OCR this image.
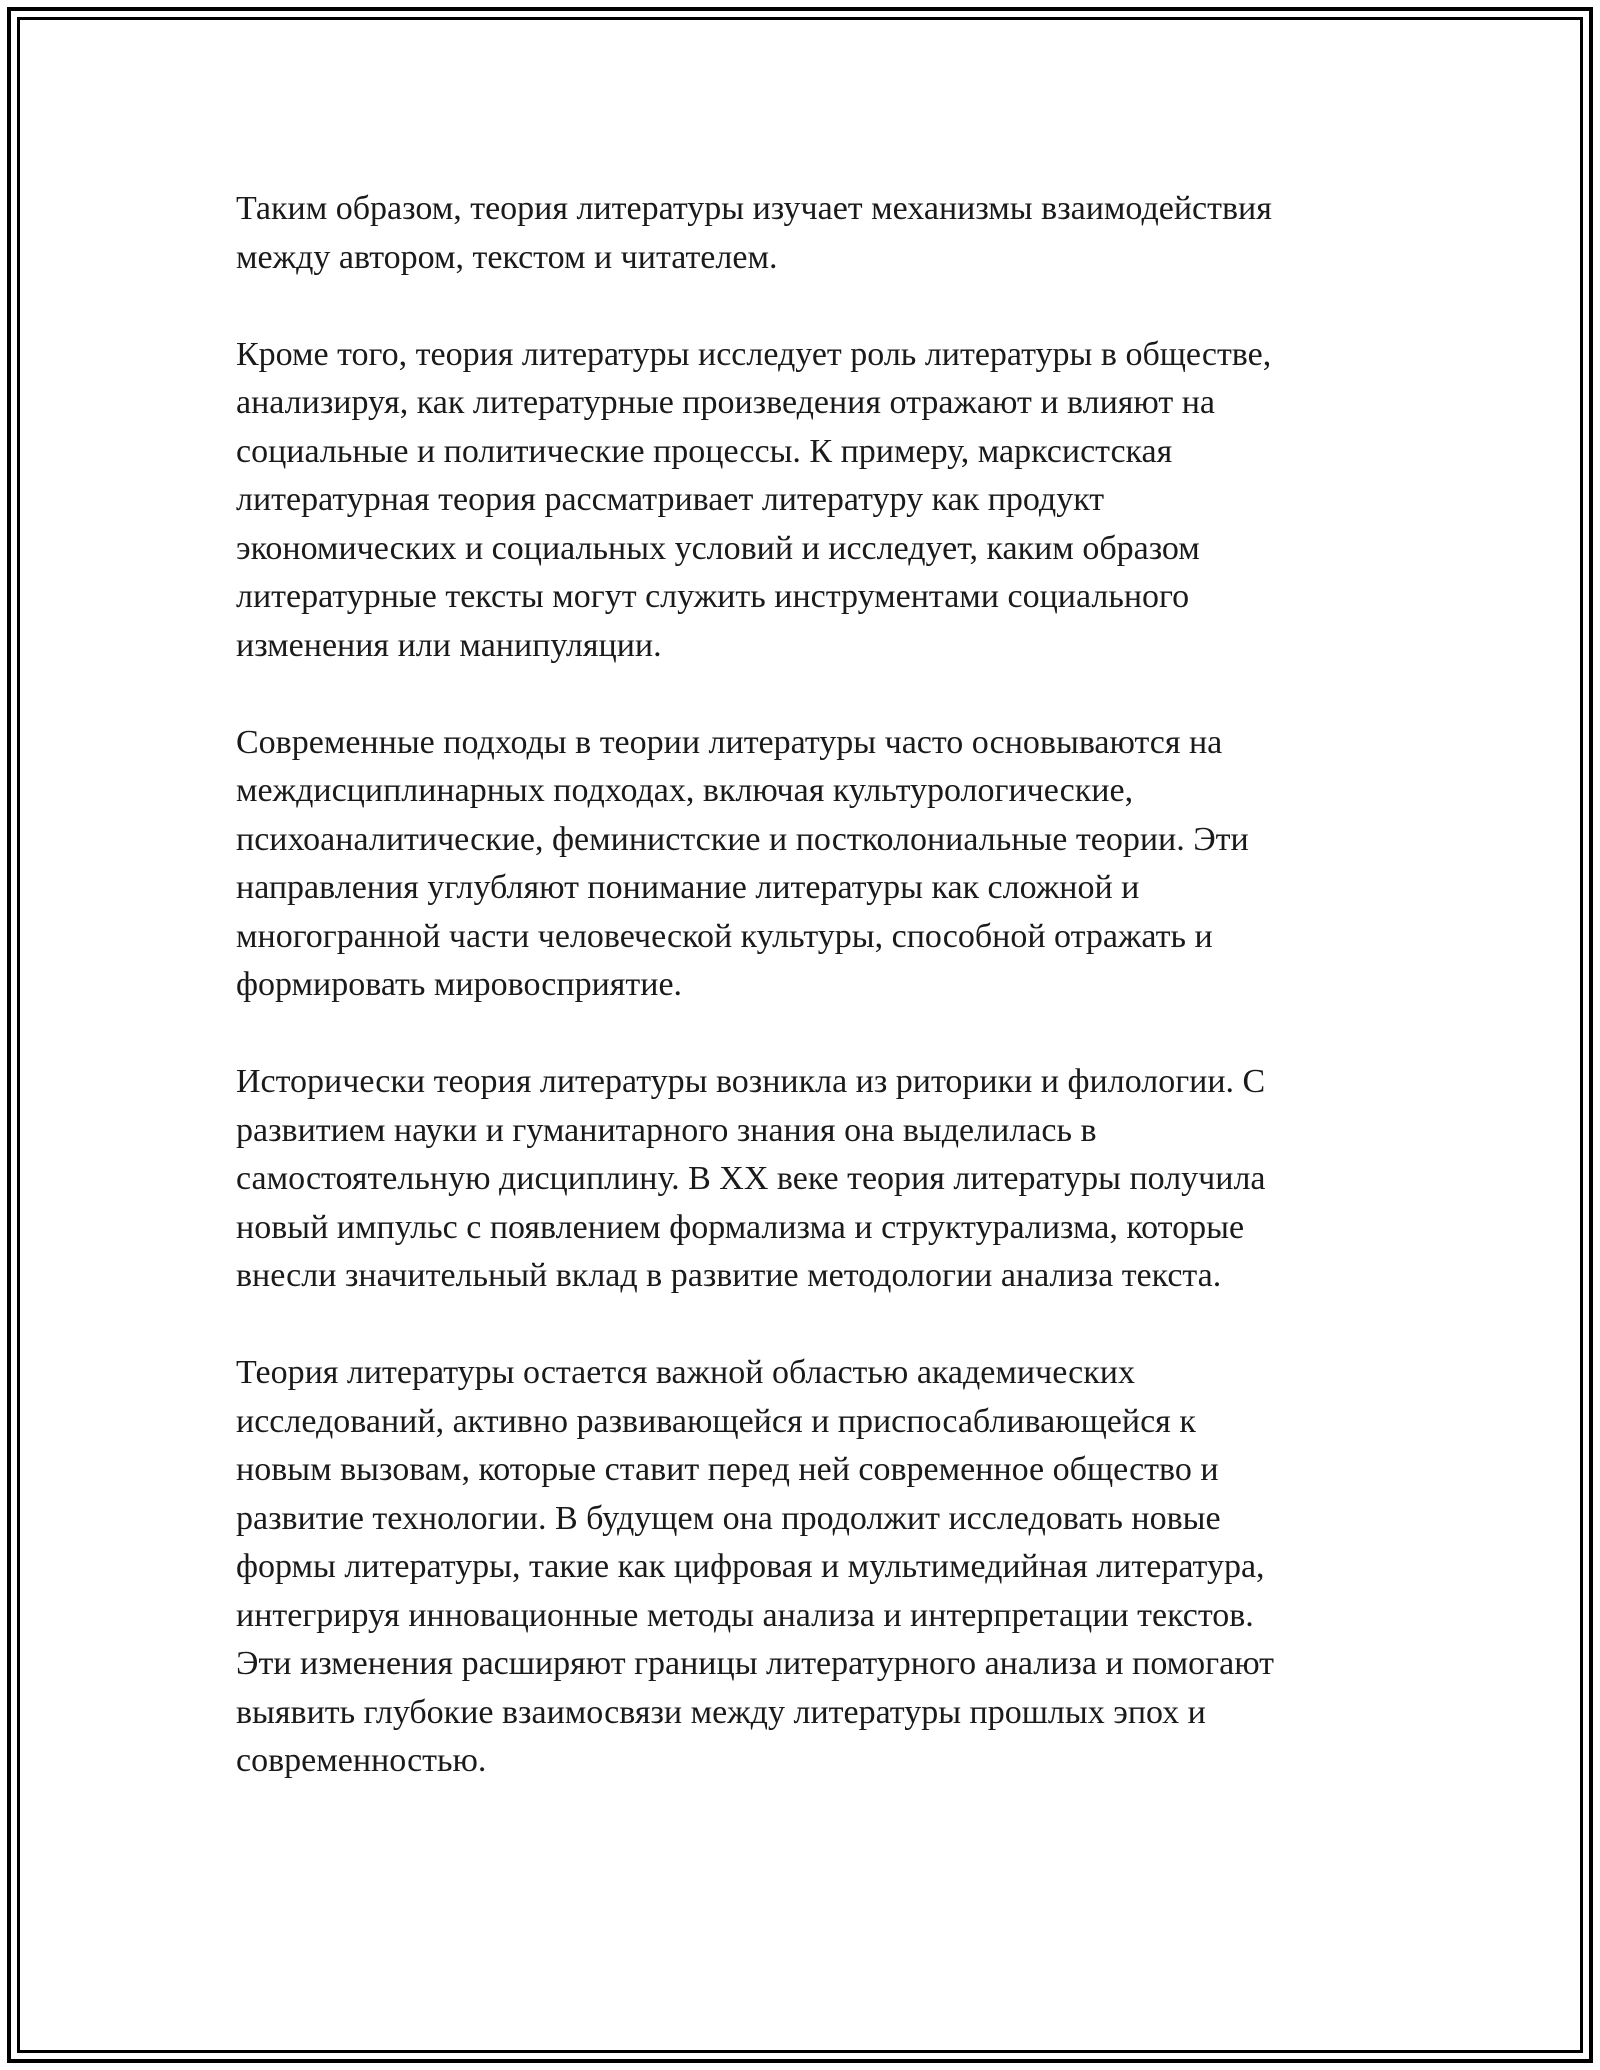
Таким образом, теория литературы изучает механизмы взаимодействия
между автором, текстом и читателем.

Кроме того, теория литературы исследует роль литературы в обществе,
анализируя, как литературные произведения отражают и влияют на
социальные и политические процессы. К примеру, марксистская
литературная теория рассматривает литературу как продукт
экономических и социальных условий и исследует, каким образом
литературные тексты могут служить инструментами социального
изменения или манипуляции.

Современные подходы в теории литературы часто основываются на
междисциплинарных подходах, включая культурологические,
психоаналитические, феминистские и постколониальные теории. Эти
направления углубляют понимание литературы как сложной и
многогранной части человеческой культуры, способной отражать и
формировать мировосприятие.

Исторически теория литературы возникла из риторики и филологии. С
развитием науки и гуманитарного знания она выделилась в
самостоятельную дисциплину. В XX веке теория литературы получила
новый импульс с появлением формализма и структурализма, которые
внесли значительный вклад в развитие методологии анализа текста.

Теория литературы остается важной областью академических
исследований, активно развивающейся и приспосабливающейся к
новым вызовам, которые ставит перед ней современное общество и
развитие технологии. В будущем она продолжит исследовать новые
формы литературы, такие как цифровая и мультимедийная литература,
интегрируя инновационные методы анализа и интерпретации текстов.
Эти изменения расширяют границы литературного анализа и помогают
выявить глубокие взаимосвязи между литературы прошлых эпох и
современностью.
